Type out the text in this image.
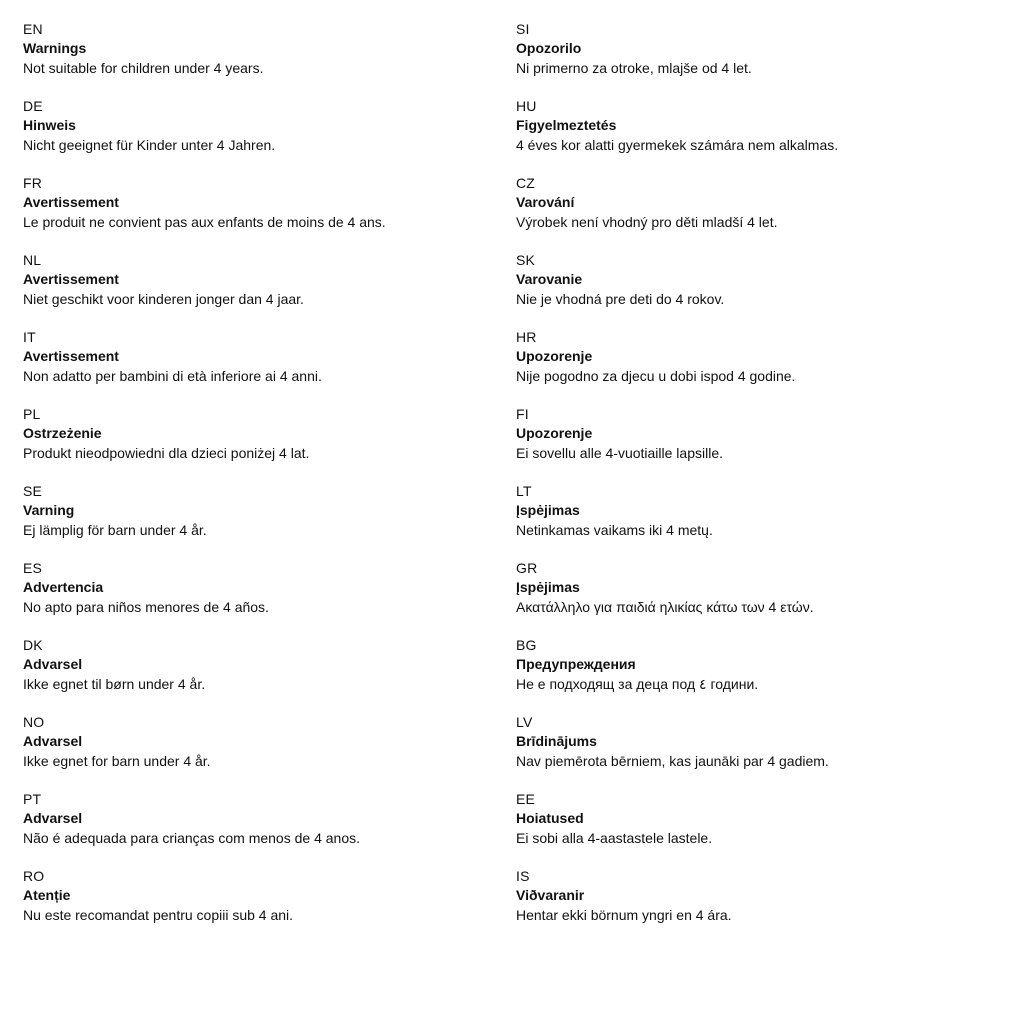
EN
Warnings
Not suitable for children under 4 years.
DE
Hinweis
Nicht geeignet für Kinder unter 4 Jahren.
FR
Avertissement
Le produit ne convient pas aux enfants de moins de 4 ans.
NL
Avertissement
Niet geschikt voor kinderen jonger dan 4 jaar.
IT
Avertissement
Non adatto per bambini di età inferiore ai 4 anni.
PL
Ostrzeżenie
Produkt nieodpowiedni dla dzieci poniżej 4 lat.
SE
Varning
Ej lämplig för barn under 4 år.
ES
Advertencia
No apto para niños menores de 4 años.
DK
Advarsel
Ikke egnet til børn under 4 år.
NO
Advarsel
Ikke egnet for barn under 4 år.
PT
Advarsel
Não é adequada para crianças com menos de 4 anos.
RO
Atenție
Nu este recomandat pentru copiii sub 4 ani.
SI
Opozorilo
Ni primerno za otroke, mlajše od 4 let.
HU
Figyelmeztetés
4 éves kor alatti gyermekek számára nem alkalmas.
CZ
Varování
Výrobek není vhodný pro děti mladší 4 let.
SK
Varovanie
Nie je vhodná pre deti do 4 rokov.
HR
Upozorenje
Nije pogodno za djecu u dobi ispod 4 godine.
FI
Upozorenje
Ei sovellu alle 4-vuotiaille lapsille.
LT
Įspėjimas
Netinkamas vaikams iki 4 metų.
GR
Įspėjimas
Ακατάλληλο για παιδιά ηλικίας κάτω των 4 ετών.
BG
Предупреждения
Не е подходящ за деца под ٤ години.
LV
Brīdinājums
Nav piemērota bērniem, kas jaunāki par 4 gadiem.
EE
Hoiatused
Ei sobi alla 4-aastastele lastele.
IS
Viðvaranir
Hentar ekki börnum yngri en 4 ára.
